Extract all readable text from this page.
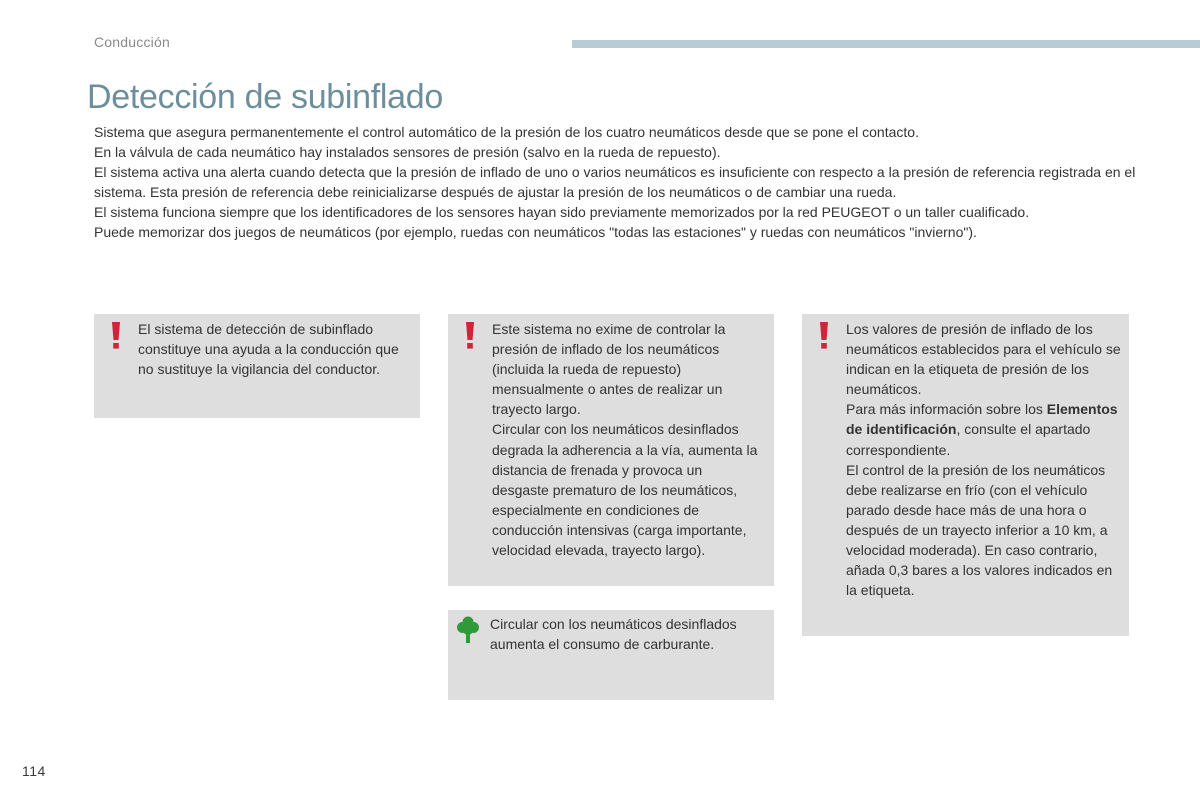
Conducción
Detección de subinflado

Sistema que asegura permanentemente el control automático de la presión de los cuatro neumáticos desde que se pone el contacto.

En la válvula de cada neumático hay instalados sensores de presión (salvo en la rueda de repuesto).

El sistema activa una alerta cuando detecta que la presión de inflado de uno o varios neumáticos es insuficiente con respecto a la presión de referencia registrada en el sistema. Esta presión de referencia debe reinicializarse después de ajustar la presión de los neumáticos o de cambiar una rueda.

El sistema funciona siempre que los identificadores de los sensores hayan sido previamente memorizados por la red PEUGEOT o un taller cualificado.

Puede memorizar dos juegos de neumáticos (por ejemplo, ruedas con neumáticos "todas las estaciones" y ruedas con neumáticos "invierno").

El sistema de detección de subinflado constituye una ayuda a la conducción que no sustituye la vigilancia del conductor.

Este sistema no exime de controlar la presión de inflado de los neumáticos (incluida la rueda de repuesto) mensualmente o antes de realizar un trayecto largo.

Circular con los neumáticos desinflados degrada la adherencia a la vía, aumenta la distancia de frenada y provoca un desgaste prematuro de los neumáticos, especialmente en condiciones de conducción intensivas (carga importante, velocidad elevada, trayecto largo).

Circular con los neumáticos desinflados aumenta el consumo de carburante.

Los valores de presión de inflado de los neumáticos establecidos para el vehículo se indican en la etiqueta de presión de los neumáticos.

Para más información sobre los Elementos de identificación, consulte el apartado correspondiente.

El control de la presión de los neumáticos debe realizarse en frío (con el vehículo parado desde hace más de una hora o después de un trayecto inferior a 10 km, a velocidad moderada). En caso contrario, añada 0,3 bares a los valores indicados en la etiqueta.

114
